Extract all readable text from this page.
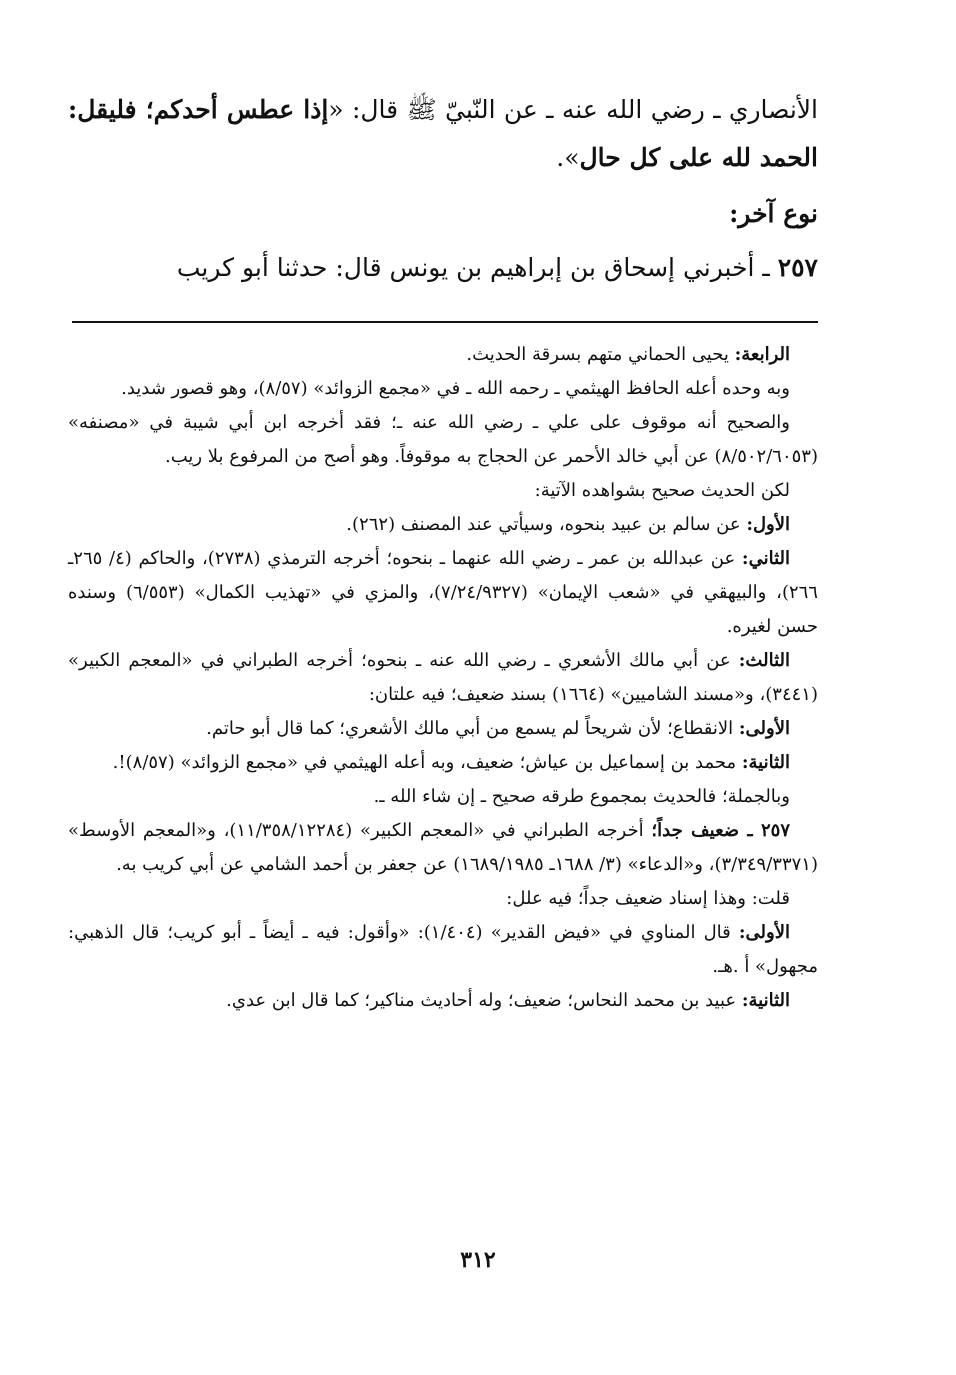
الأنصاري ـ رضي الله عنه ـ عن النّبيّ ﷺ قال: «إذا عطس أحدكم؛ فليقل: الحمد لله على كل حال».

نوع آخر:

٢٥٧ ـ أخبرني إسحاق بن إبراهيم بن يونس قال: حدثنا أبو كريب

الرابعة: يحيى الحماني متهم بسرقة الحديث.

وبه وحده أعله الحافظ الهيثمي ـ رحمه الله ـ في «مجمع الزوائد» (٨/٥٧)، وهو قصور شديد.

والصحيح أنه موقوف على علي ـ رضي الله عنه ـ؛ فقد أخرجه ابن أبي شيبة في «مصنفه» (٨/٥٠٢/٦٠٥٣) عن أبي خالد الأحمر عن الحجاج به موقوفاً. وهو أصح من المرفوع بلا ريب.

لكن الحديث صحيح بشواهده الآتية:

الأول: عن سالم بن عبيد بنحوه، وسيأتي عند المصنف (٢٦٢).

الثاني: عن عبدالله بن عمر ـ رضي الله عنهما ـ بنحوه؛ أخرجه الترمذي (٢٧٣٨)، والحاكم (٤/ ٢٦٥ـ ٢٦٦)، والبيهقي في «شعب الإيمان» (٧/٢٤/٩٣٢٧)، والمزي في «تهذيب الكمال» (٦/٥٥٣) وسنده حسن لغيره.

الثالث: عن أبي مالك الأشعري ـ رضي الله عنه ـ بنحوه؛ أخرجه الطبراني في «المعجم الكبير» (٣٤٤١)، و«مسند الشاميين» (١٦٦٤) بسند ضعيف؛ فيه علتان:

الأولى: الانقطاع؛ لأن شريحاً لم يسمع من أبي مالك الأشعري؛ كما قال أبو حاتم.

الثانية: محمد بن إسماعيل بن عياش؛ ضعيف، وبه أعله الهيثمي في «مجمع الزوائد» (٨/٥٧)!.

وبالجملة؛ فالحديث بمجموع طرقه صحيح ـ إن شاء الله ـ.

٢٥٧ ـ ضعيف جداً؛ أخرجه الطبراني في «المعجم الكبير» (١١/٣٥٨/١٢٢٨٤)، و«المعجم الأوسط» (٣/٣٤٩/٣٣٧١)، و«الدعاء» (٣/ ١٦٨٨ـ ١٦٨٩/١٩٨٥) عن جعفر بن أحمد الشامي عن أبي كريب به.

قلت: وهذا إسناد ضعيف جداً؛ فيه علل:

الأولى: قال المناوي في «فيض القدير» (١/٤٠٤): «وأقول: فيه ـ أيضاً ـ أبو كريب؛ قال الذهبي: مجهول» أ .هـ.

الثانية: عبيد بن محمد النحاس؛ ضعيف؛ وله أحاديث مناكير؛ كما قال ابن عدي.

٣١٢
